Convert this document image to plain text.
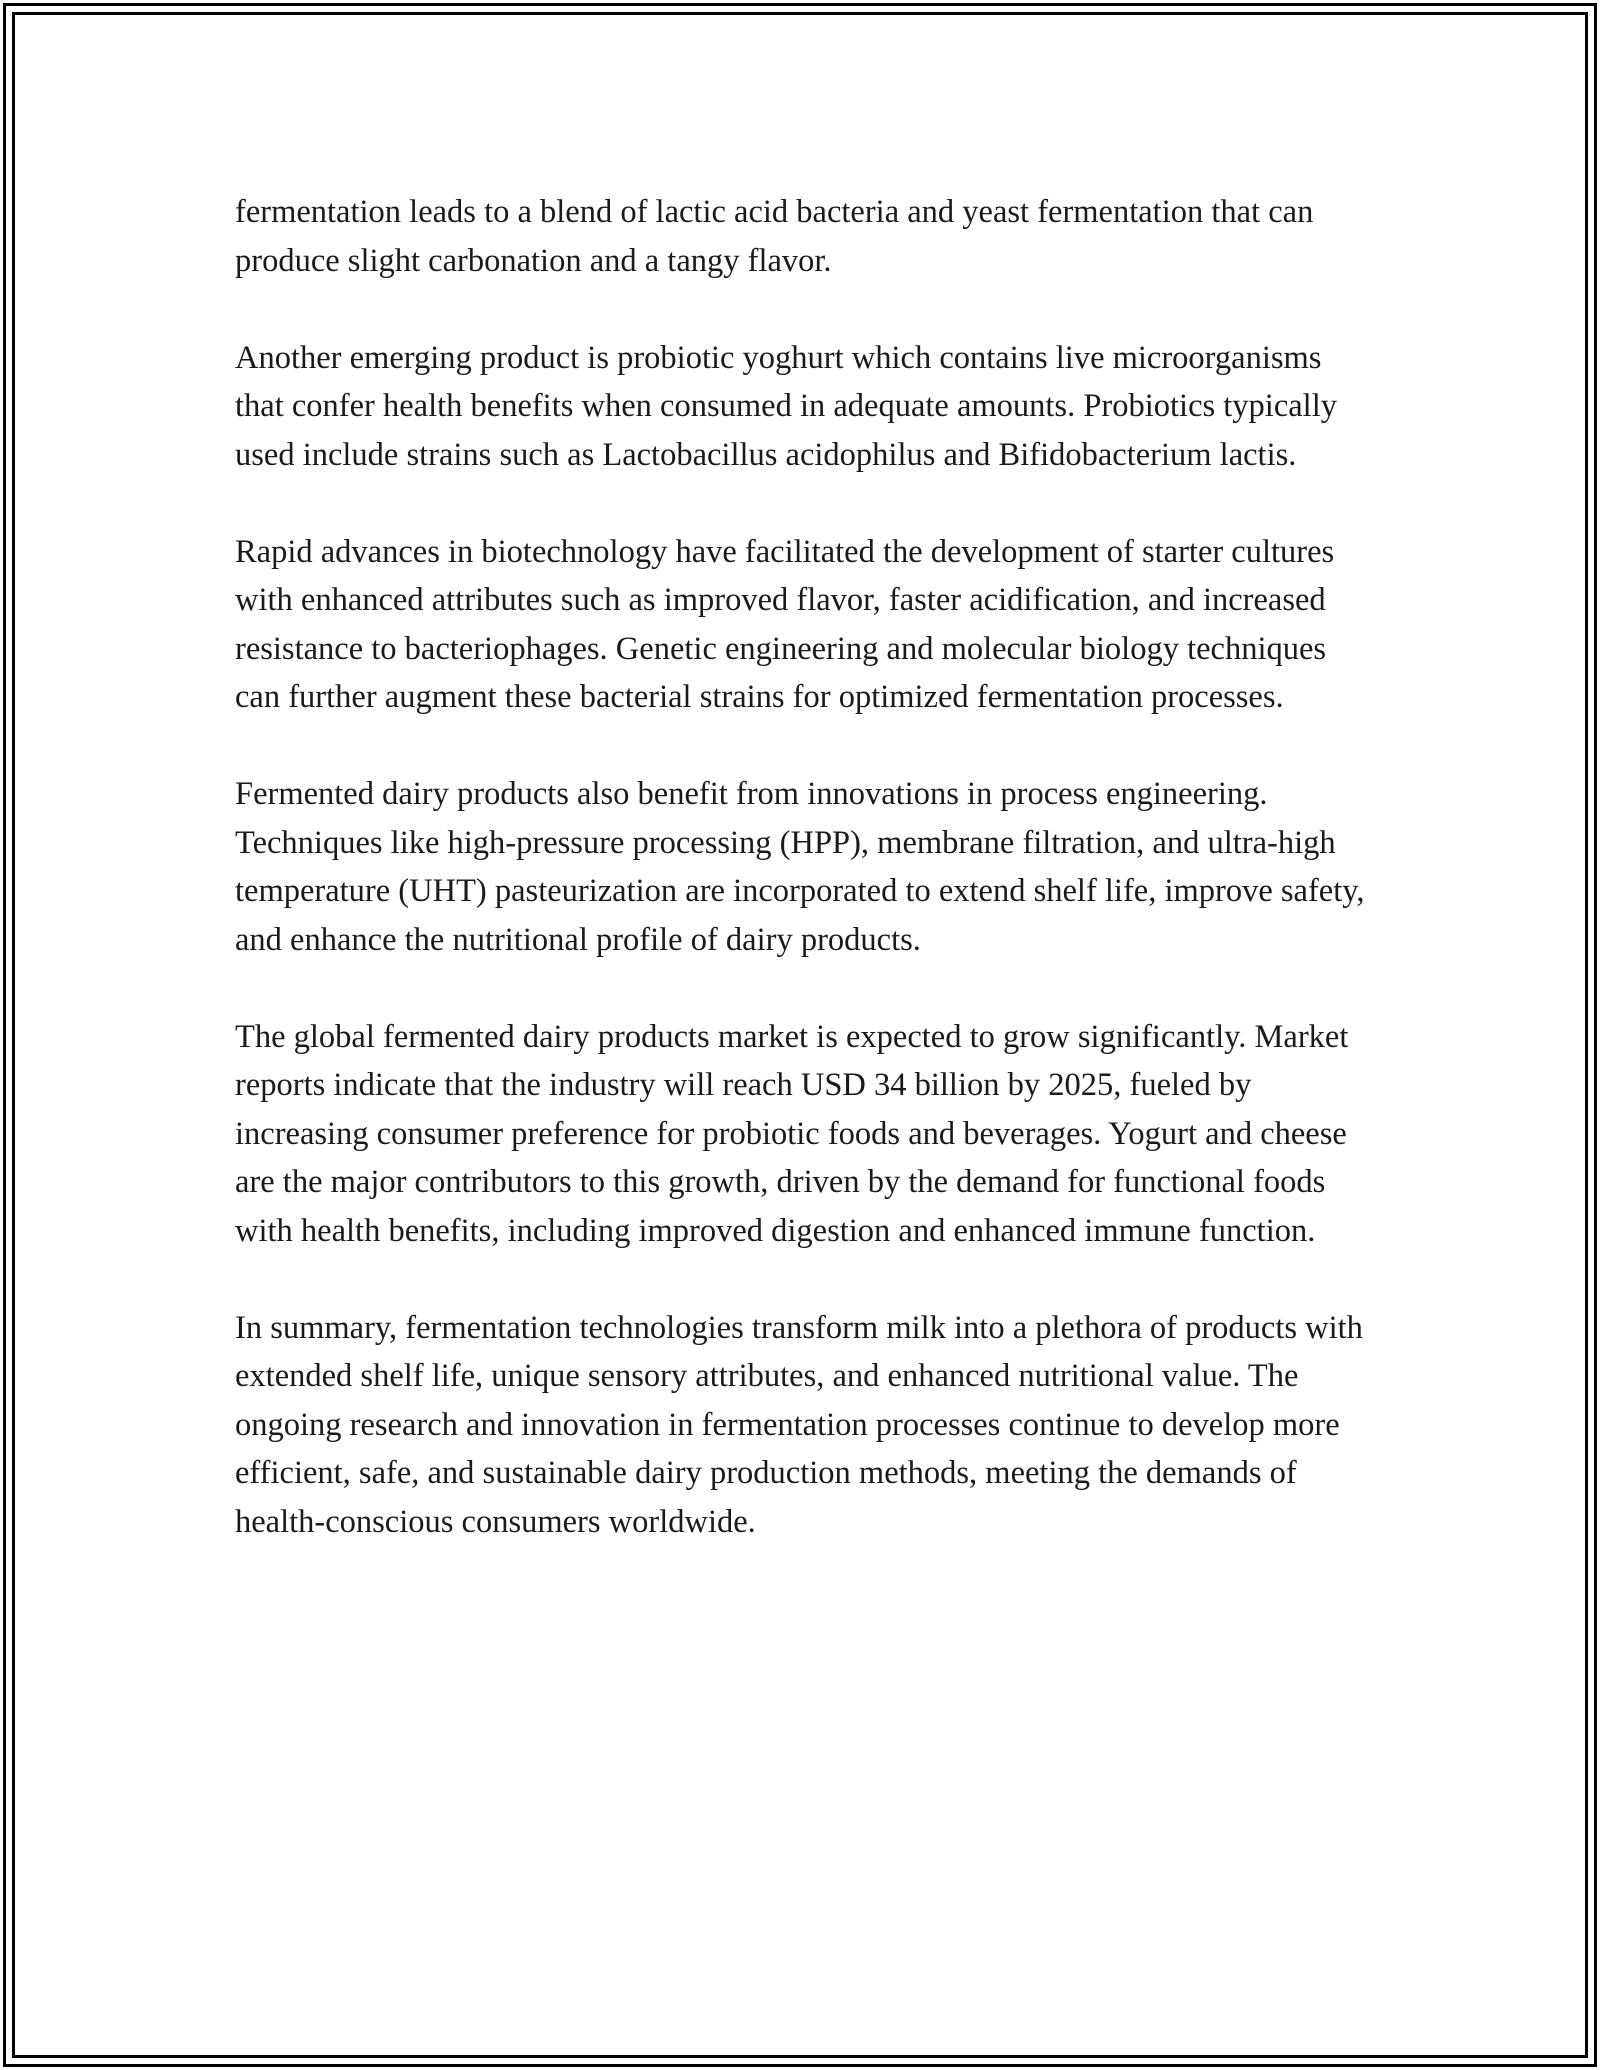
fermentation leads to a blend of lactic acid bacteria and yeast fermentation that can produce slight carbonation and a tangy flavor.

Another emerging product is probiotic yoghurt which contains live microorganisms that confer health benefits when consumed in adequate amounts. Probiotics typically used include strains such as Lactobacillus acidophilus and Bifidobacterium lactis.

Rapid advances in biotechnology have facilitated the development of starter cultures with enhanced attributes such as improved flavor, faster acidification, and increased resistance to bacteriophages. Genetic engineering and molecular biology techniques can further augment these bacterial strains for optimized fermentation processes.

Fermented dairy products also benefit from innovations in process engineering. Techniques like high-pressure processing (HPP), membrane filtration, and ultra-high temperature (UHT) pasteurization are incorporated to extend shelf life, improve safety, and enhance the nutritional profile of dairy products.

The global fermented dairy products market is expected to grow significantly. Market reports indicate that the industry will reach USD 34 billion by 2025, fueled by increasing consumer preference for probiotic foods and beverages. Yogurt and cheese are the major contributors to this growth, driven by the demand for functional foods with health benefits, including improved digestion and enhanced immune function.

In summary, fermentation technologies transform milk into a plethora of products with extended shelf life, unique sensory attributes, and enhanced nutritional value. The ongoing research and innovation in fermentation processes continue to develop more efficient, safe, and sustainable dairy production methods, meeting the demands of health-conscious consumers worldwide.
